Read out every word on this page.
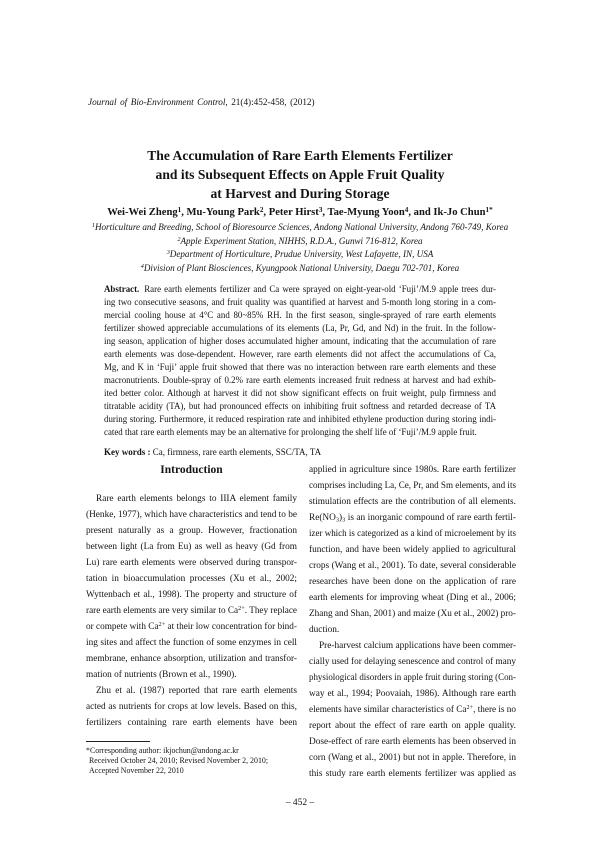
Journal of Bio-Environment Control, 21(4):452-458, (2012)
The Accumulation of Rare Earth Elements Fertilizer
and its Subsequent Effects on Apple Fruit Quality
at Harvest and During Storage
Wei-Wei Zheng$^1$, Mu-Young Park$^2$, Peter Hirst$^3$, Tae-Myung Yoon$^4$, and Ik-Jo Chun$^{1*}$
$^1$Horticulture and Breeding, School of Bioresource Sciences, Andong National University, Andong 760-749, Korea
$^2$Apple Experiment Station, NIHHS, R.D.A., Gunwi 716-812, Korea
$^3$Department of Horticulture, Prudue University, West Lafayette, IN, USA
$^4$Division of Plant Biosciences, Kyungpook National University, Daegu 702-701, Korea
Abstract. Rare earth elements fertilizer and Ca were sprayed on eight-year-old ‘Fuji’/M.9 apple trees dur-
ing two consecutive seasons, and fruit quality was quantified at harvest and 5-month long storing in a com-
mercial cooling house at 4°C and 80~85% RH. In the first season, single-sprayed of rare earth elements
fertilizer showed appreciable accumulations of its elements (La, Pr, Gd, and Nd) in the fruit. In the follow-
ing season, application of higher doses accumulated higher amount, indicating that the accumulation of rare
earth elements was dose-dependent. However, rare earth elements did not affect the accumulations of Ca,
Mg, and K in ‘Fuji’ apple fruit showed that there was no interaction between rare earth elements and these
macronutrients. Double-spray of 0.2% rare earth elements increased fruit redness at harvest and had exhib-
ited better color. Although at harvest it did not show significant effects on fruit weight, pulp firmness and
titratable acidity (TA), but had pronounced effects on inhibiting fruit softness and retarded decrease of TA
during storing. Furthermore, it reduced respiration rate and inhibited ethylene production during storing indi-
cated that rare earth elements may be an alternative for prolonging the shelf life of ‘Fuji’/M.9 apple fruit.
Key words : Ca, firmness, rare earth elements, SSC/TA, TA
Introduction
Rare earth elements belongs to IIIA element family
(Henke, 1977), which have characteristics and tend to be
present naturally as a group. However, fractionation
between light (La from Eu) as well as heavy (Gd from
Lu) rare earth elements were observed during transpor-
tation in bioaccumulation processes (Xu et al., 2002;
Wyttenbach et al., 1998). The property and structure of
rare earth elements are very similar to $Ca^{2+}$. They replace
or compete with $Ca^{2+}$ at their low concentration for bind-
ing sites and affect the function of some enzymes in cell
membrane, enhance absorption, utilization and transfor-
mation of nutrients (Brown et al., 1990).
Zhu et al. (1987) reported that rare earth elements
acted as nutrients for crops at low levels. Based on this,
fertilizers containing rare earth elements have been
applied in agriculture since 1980s. Rare earth fertilizer
comprises including La, Ce, Pr, and Sm elements, and its
stimulation effects are the contribution of all elements.
$Re(NO_3)_3$ is an inorganic compound of rare earth fertil-
izer which is categorized as a kind of microelement by its
function, and have been widely applied to agricultural
crops (Wang et al., 2001). To date, several considerable
researches have been done on the application of rare
earth elements for improving wheat (Ding et al., 2006;
Zhang and Shan, 2001) and maize (Xu et al., 2002) pro-
duction.
Pre-harvest calcium applications have been commer-
cially used for delaying senescence and control of many
physiological disorders in apple fruit during storing (Con-
way et al., 1994; Poovaiah, 1986). Although rare earth
elements have similar characteristics of $Ca^{2+}$, there is no
report about the effect of rare earth on apple quality.
Dose-effect of rare earth elements has been observed in
corn (Wang et al., 2001) but not in apple. Therefore, in
this study rare earth elements fertilizer was applied as
*Corresponding author: ikjochun@andong.ac.kr
Received October 24, 2010; Revised November 2, 2010;
Accepted November 22, 2010
– 452 –
